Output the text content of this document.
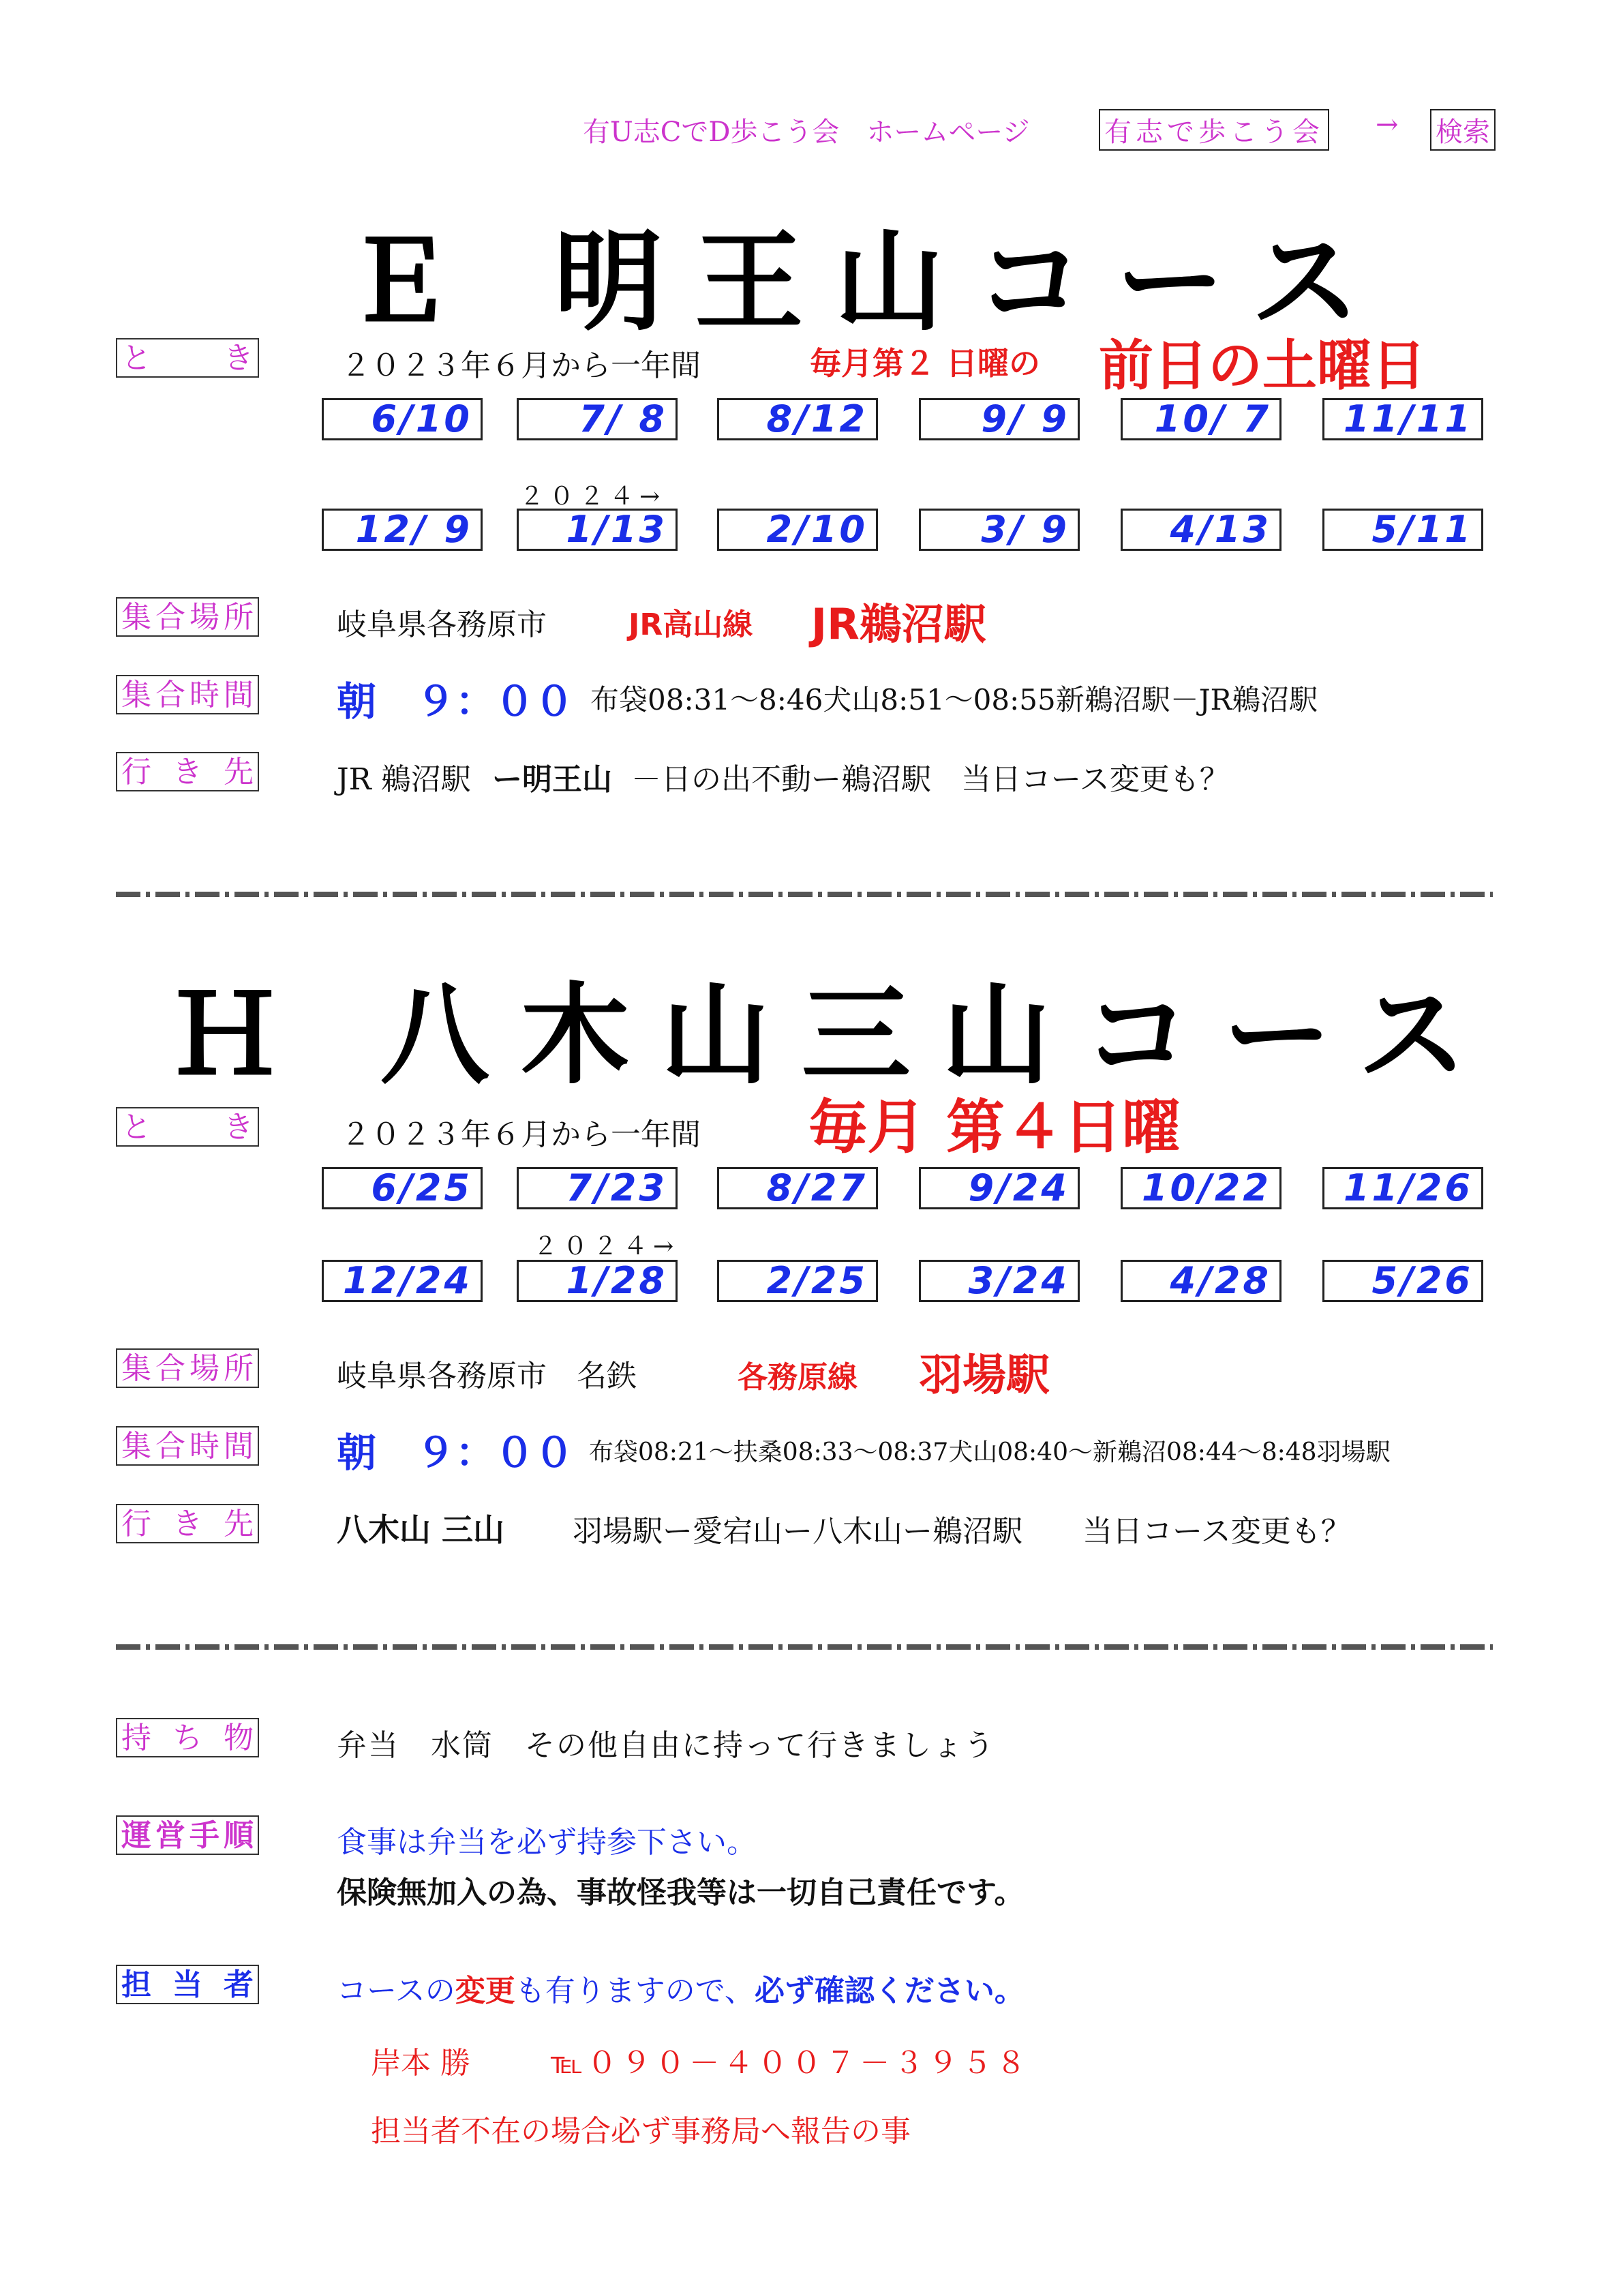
有U志CでD歩こう会　ホームページ	有志で歩こう会 → 検索
Ｅ 明王山コース
と　き	２０２３年６月から一年間	毎月第２ 日曜の 前日の土曜日
6/10	7/ 8	8/12	9/ 9	10/ 7	11/11
２０２４→
12/ 9	1/13	2/10	3/ 9	4/13	5/11
集合場所	岐阜県各務原市	JR高山線 JR鵜沼駅
集合時間 朝　９：００ 布袋08:31～8:46犬山8:51～08:55新鵜沼駅－JR鵜沼駅
行き先	JR 鵜沼駅 ー明王山 －日の出不動ー鵜沼駅　当日コース変更も？
Ｈ 八木山三山コース
と　き	２０２３年６月から一年間 毎月 第４日曜
6/25	7/23	8/27	9/24	10/22	11/26
２０２４→
12/24	1/28	2/25	3/24	4/28	5/26
集合場所	岐阜県各務原市　名鉄	各務原線 羽場駅
集合時間 朝　９：００ 布袋08:21～扶桑08:33～08:37犬山08:40～新鵜沼08:44～8:48羽場駅
行き先	八木山 三山 羽場駅ー愛宕山ー八木山ー鵜沼駅　　当日コース変更も？
持ち物	弁当　水筒　その他自由に持って行きましょう
運営手順	食事は弁当を必ず持参下さい。
保険無加入の為、事故怪我等は一切自己責任です。
担当者	コースの変更も有りますので、必ず確認ください。
岸本 勝	℡０９０－４００７－３９５８
担当者不在の場合必ず事務局へ報告の事
